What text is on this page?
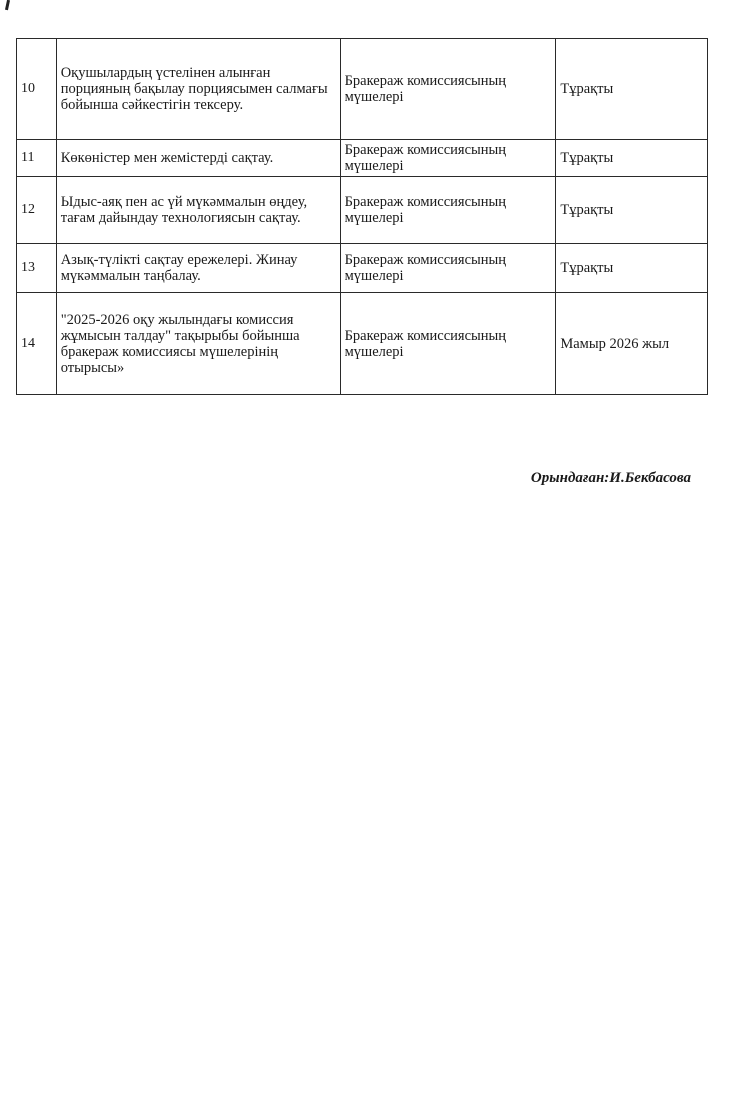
10	Оқушылардың үстелінен алынған порцияның бақылау порциясымен салмағы бойынша сәйкестігін тексеру.	Бракераж комиссиясының мүшелері	Тұрақты
11	Көкөністер мен жемістерді сақтау.	Бракераж комиссиясының мүшелері	Тұрақты
12	Ыдыс-аяқ пен ас үй мүкәммалын өңдеу, тағам дайындау технологиясын сақтау.	Бракераж комиссиясының мүшелері	Тұрақты
13	Азық-түлікті сақтау ережелері. Жинау мүкәммалын таңбалау.	Бракераж комиссиясының мүшелері	Тұрақты
14	"2025-2026 оқу жылындағы комиссия жұмысын талдау" тақырыбы бойынша бракераж комиссиясы мүшелерінің отырысы»	Бракераж комиссиясының мүшелері	Мамыр 2026 жыл
Орындаған:И.Бекбасова
